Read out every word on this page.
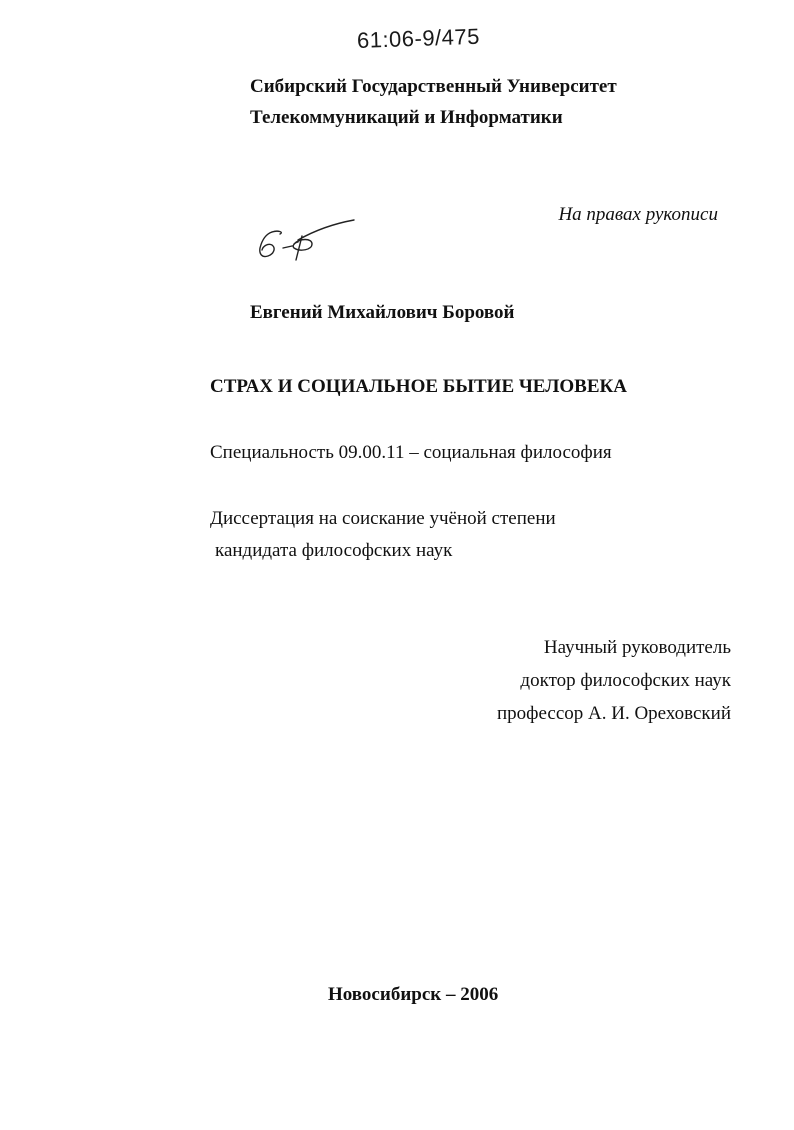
61:06-9/475
Сибирский Государственный Университет
Телекоммуникаций и Информатики
На правах рукописи
Евгений Михайлович Боровой
СТРАХ И СОЦИАЛЬНОЕ БЫТИЕ ЧЕЛОВЕКА
Специальность 09.00.11 – социальная философия
Диссертация на соискание учёной степени
кандидата философских наук
Научный руководитель
доктор философских наук
профессор А. И. Ореховский
Новосибирск – 2006
